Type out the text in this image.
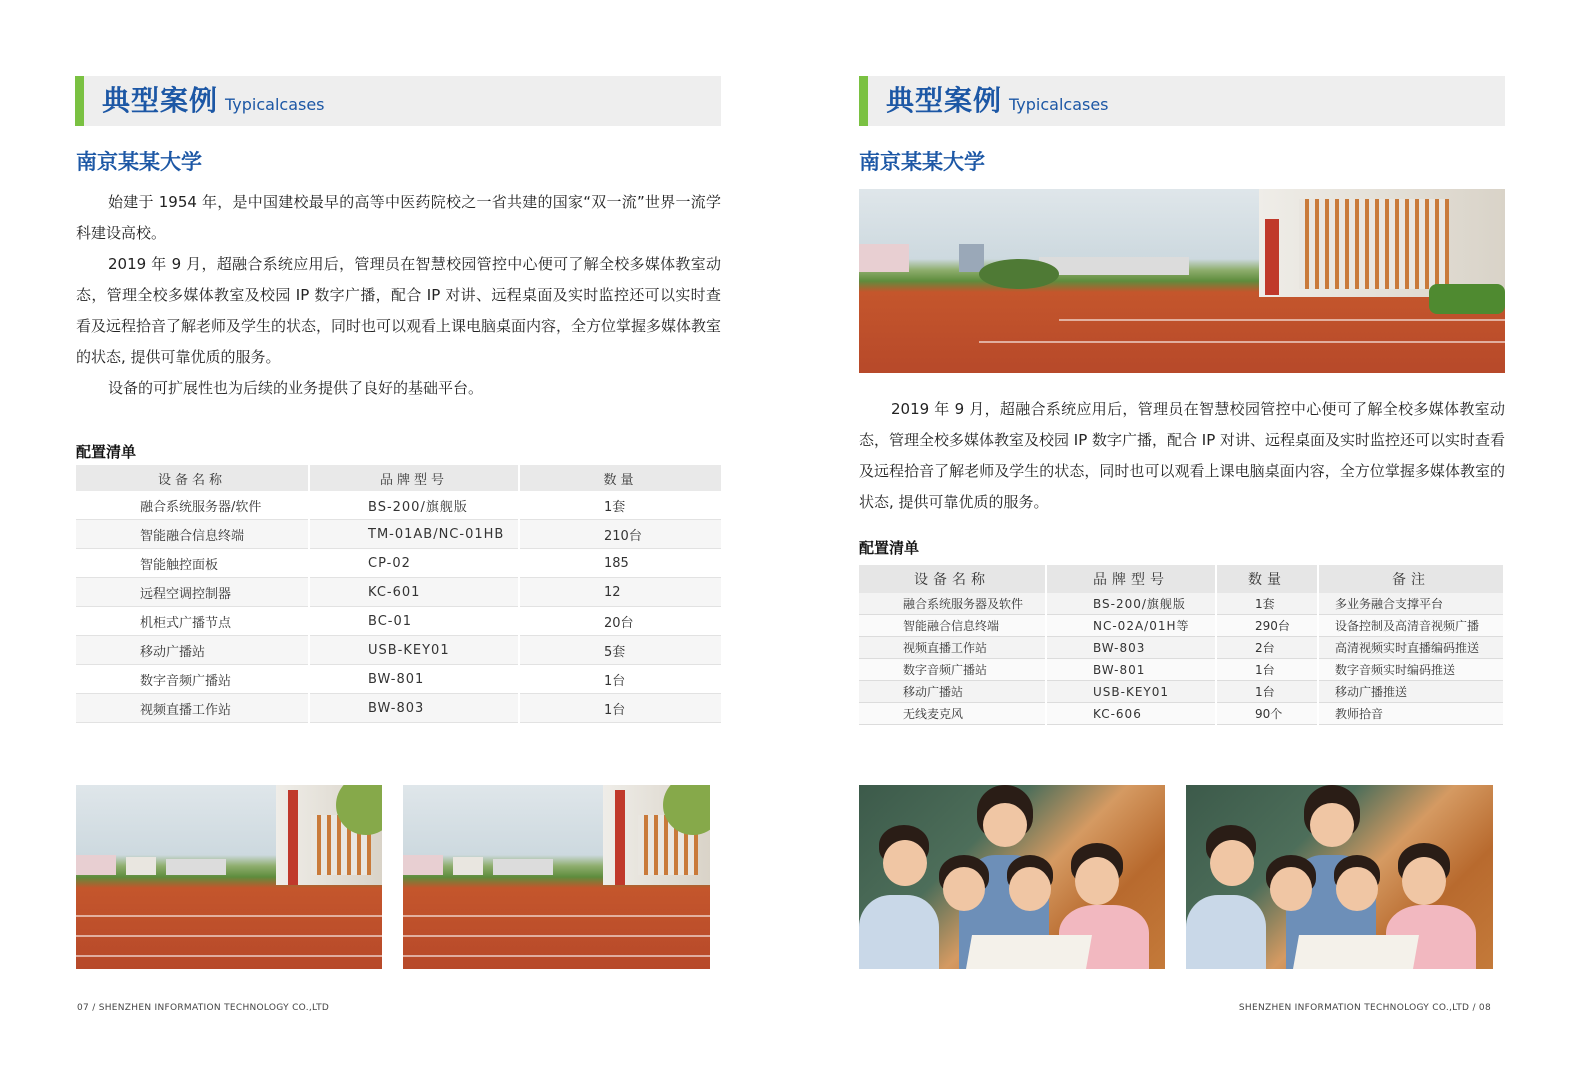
典型案例 Typicalcases
南京某某大学

始建于 1954 年，是中国建校最早的高等中医药院校之一省共建的国家“双一流”世界一流学科建设高校。

2019 年 9 月，超融合系统应用后，管理员在智慧校园管控中心便可了解全校多媒体教室动态，管理全校多媒体教室及校园 IP 数字广播，配合 IP 对讲、远程桌面及实时监控还可以实时查看及远程拾音了解老师及学生的状态，同时也可以观看上课电脑桌面内容，全方位掌握多媒体教室的状态, 提供可靠优质的服务。

设备的可扩展性也为后续的业务提供了良好的基础平台。

配置清单
设备名称	品牌型号	数量
融合系统服务器/软件	BS-200/旗舰版	1套
智能融合信息终端	TM-01AB/NC-01HB	210台
智能触控面板	CP-02	185
远程空调控制器	KC-601	12
机柜式广播节点	BC-01	20台
移动广播站	USB-KEY01	5套
数字音频广播站	BW-801	1台
视频直播工作站	BW-803	1台
07 / SHENZHEN INFORMATION TECHNOLOGY CO.,LTD
典型案例 Typicalcases
南京某某大学

2019 年 9 月，超融合系统应用后，管理员在智慧校园管控中心便可了解全校多媒体教室动态，管理全校多媒体教室及校园 IP 数字广播，配合 IP 对讲、远程桌面及实时监控还可以实时查看及远程拾音了解老师及学生的状态，同时也可以观看上课电脑桌面内容，全方位掌握多媒体教室的状态, 提供可靠优质的服务。

配置清单
设备名称	品牌型号	数量	备注
融合系统服务器及软件	BS-200/旗舰版	1套	多业务融合支撑平台
智能融合信息终端	NC-02A/01H等	290台	设备控制及高清音视频广播
视频直播工作站	BW-803	2台	高清视频实时直播编码推送
数字音频广播站	BW-801	1台	数字音频实时编码推送
移动广播站	USB-KEY01	1台	移动广播推送
无线麦克风	KC-606	90个	教师拾音
SHENZHEN INFORMATION TECHNOLOGY CO.,LTD / 08
